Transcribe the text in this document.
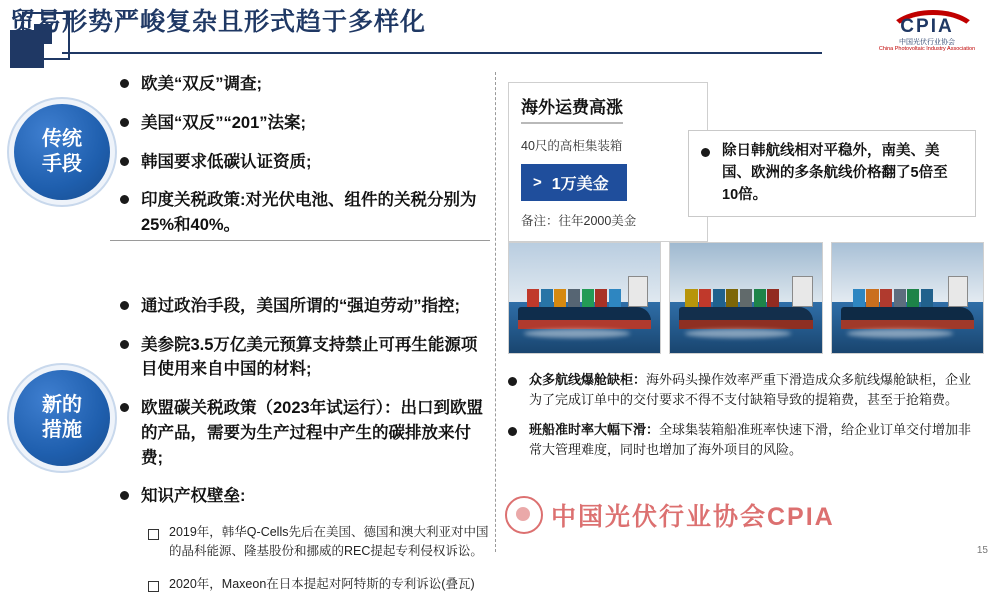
贸易形势严峻复杂且形式趋于多样化	CPIA
中国光伏行业协会
China Photovoltaic Industry Association
传统
手段
新的
措施
欧美“双反”调查;
美国“双反”“201”法案;
韩国要求低碳认证资质;
印度关税政策:对光伏电池、组件的关税分别为25%和40%。
通过政治手段，美国所谓的“强迫劳动”指控;
美参院3.5万亿美元预算支持禁止可再生能源项目使用来自中国的材料;
欧盟碳关税政策（2023年试运行）：出口到欧盟的产品，需要为生产过程中产生的碳排放来付费;
知识产权壁垒:
2019年，韩华Q-Cells先后在美国、德国和澳大利亚对中国的晶科能源、隆基股份和挪威的REC提起专利侵权诉讼。
2020年，Maxeon在日本提起对阿特斯的专利诉讼(叠瓦)
海外运费高涨
40尺的高柜集装箱
> 1万美金
备注：往年2000美金
除日韩航线相对平稳外，南美、美国、欧洲的多条航线价格翻了5倍至10倍。
众多航线爆舱缺柜：海外码头操作效率严重下滑造成众多航线爆舱缺柜，企业为了完成订单中的交付要求不得不支付缺箱导致的提箱费，甚至于抢箱费。
班船准时率大幅下滑：全球集装箱船准班率快速下滑，给企业订单交付增加非常大管理难度，同时也增加了海外项目的风险。
中国光伏行业协会CPIA
15
